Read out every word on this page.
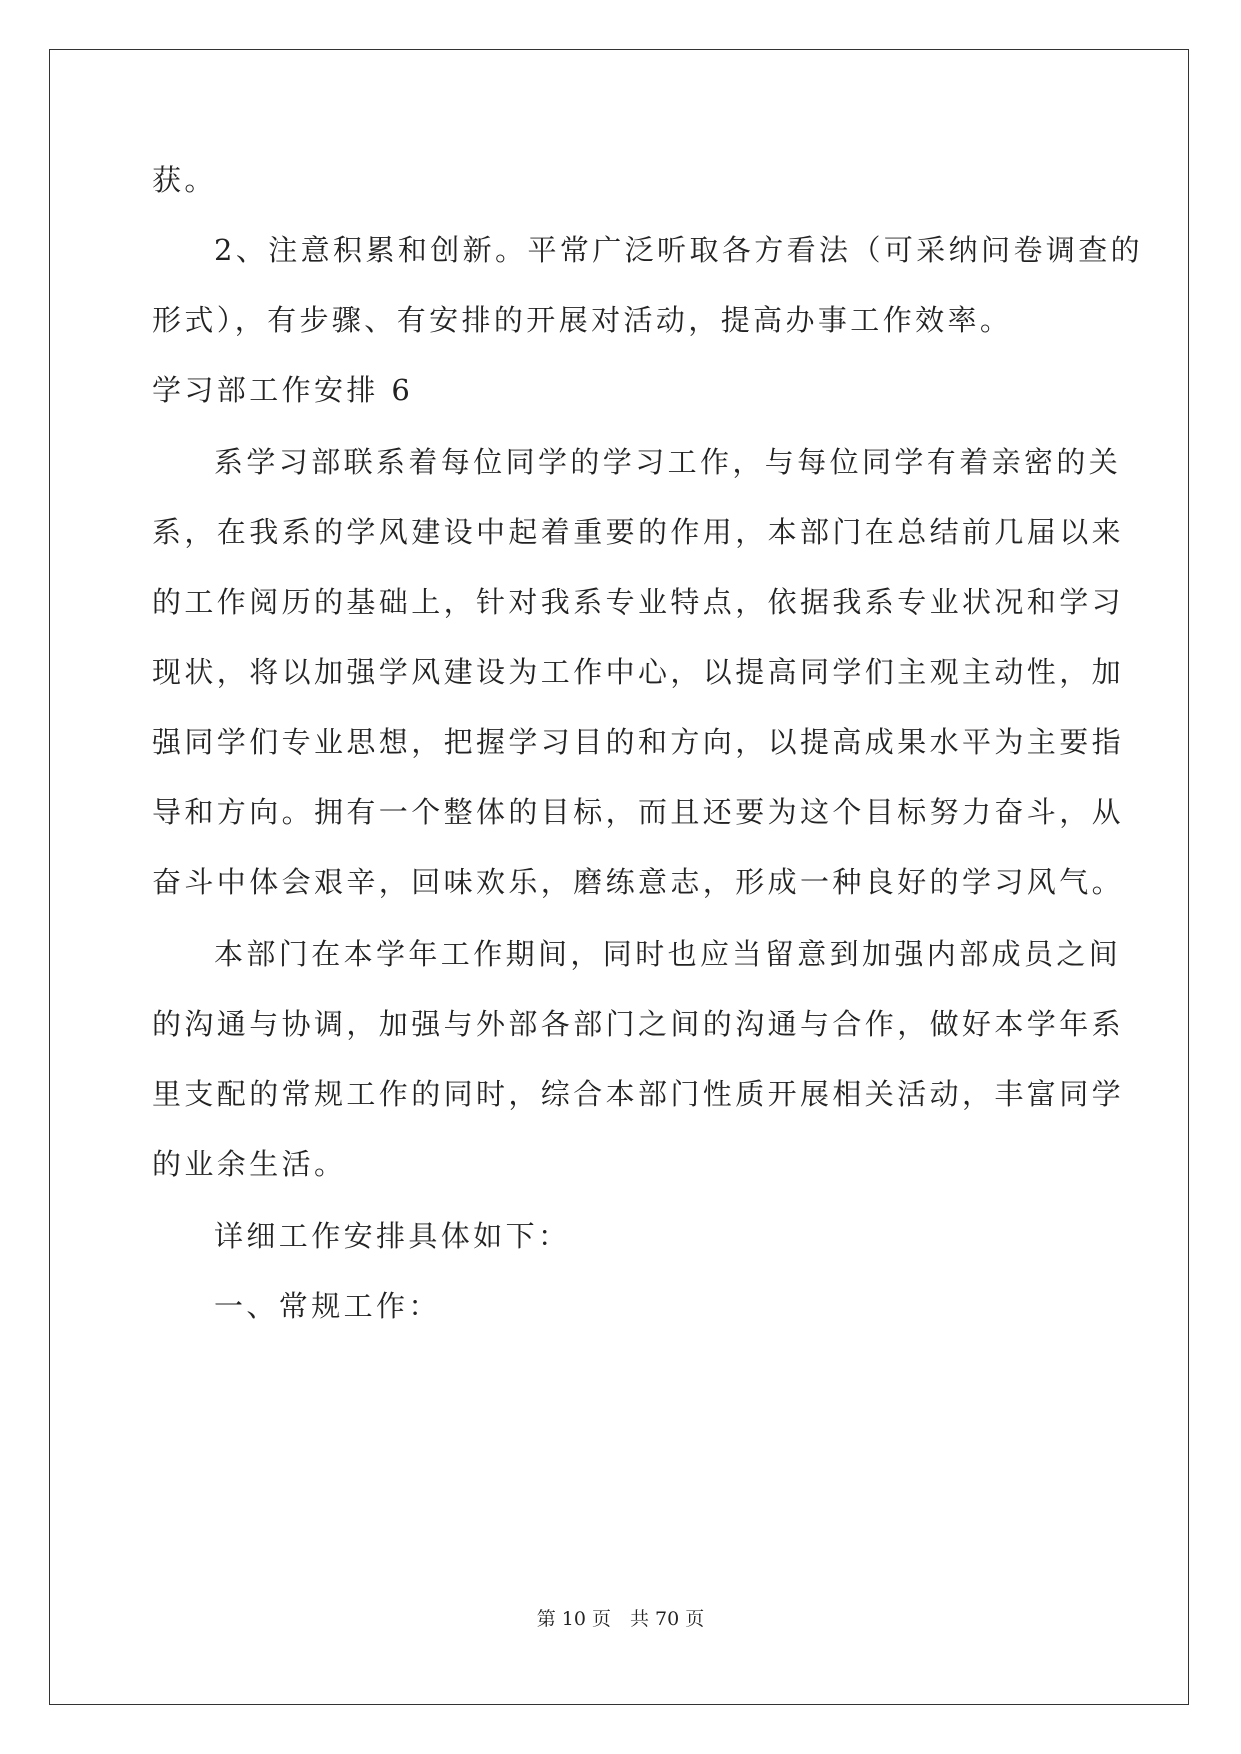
获。
2、注意积累和创新。平常广泛听取各方看法（可采纳问卷调查的
形式），有步骤、有安排的开展对活动，提高办事工作效率。
学习部工作安排 6
系学习部联系着每位同学的学习工作，与每位同学有着亲密的关
系，在我系的学风建设中起着重要的作用，本部门在总结前几届以来
的工作阅历的基础上，针对我系专业特点，依据我系专业状况和学习
现状，将以加强学风建设为工作中心，以提高同学们主观主动性，加
强同学们专业思想，把握学习目的和方向，以提高成果水平为主要指
导和方向。拥有一个整体的目标，而且还要为这个目标努力奋斗，从
奋斗中体会艰辛，回味欢乐，磨练意志，形成一种良好的学习风气。
本部门在本学年工作期间，同时也应当留意到加强内部成员之间
的沟通与协调，加强与外部各部门之间的沟通与合作，做好本学年系
里支配的常规工作的同时，综合本部门性质开展相关活动，丰富同学
的业余生活。
详细工作安排具体如下：
一、常规工作：
第 10 页　共 70 页
